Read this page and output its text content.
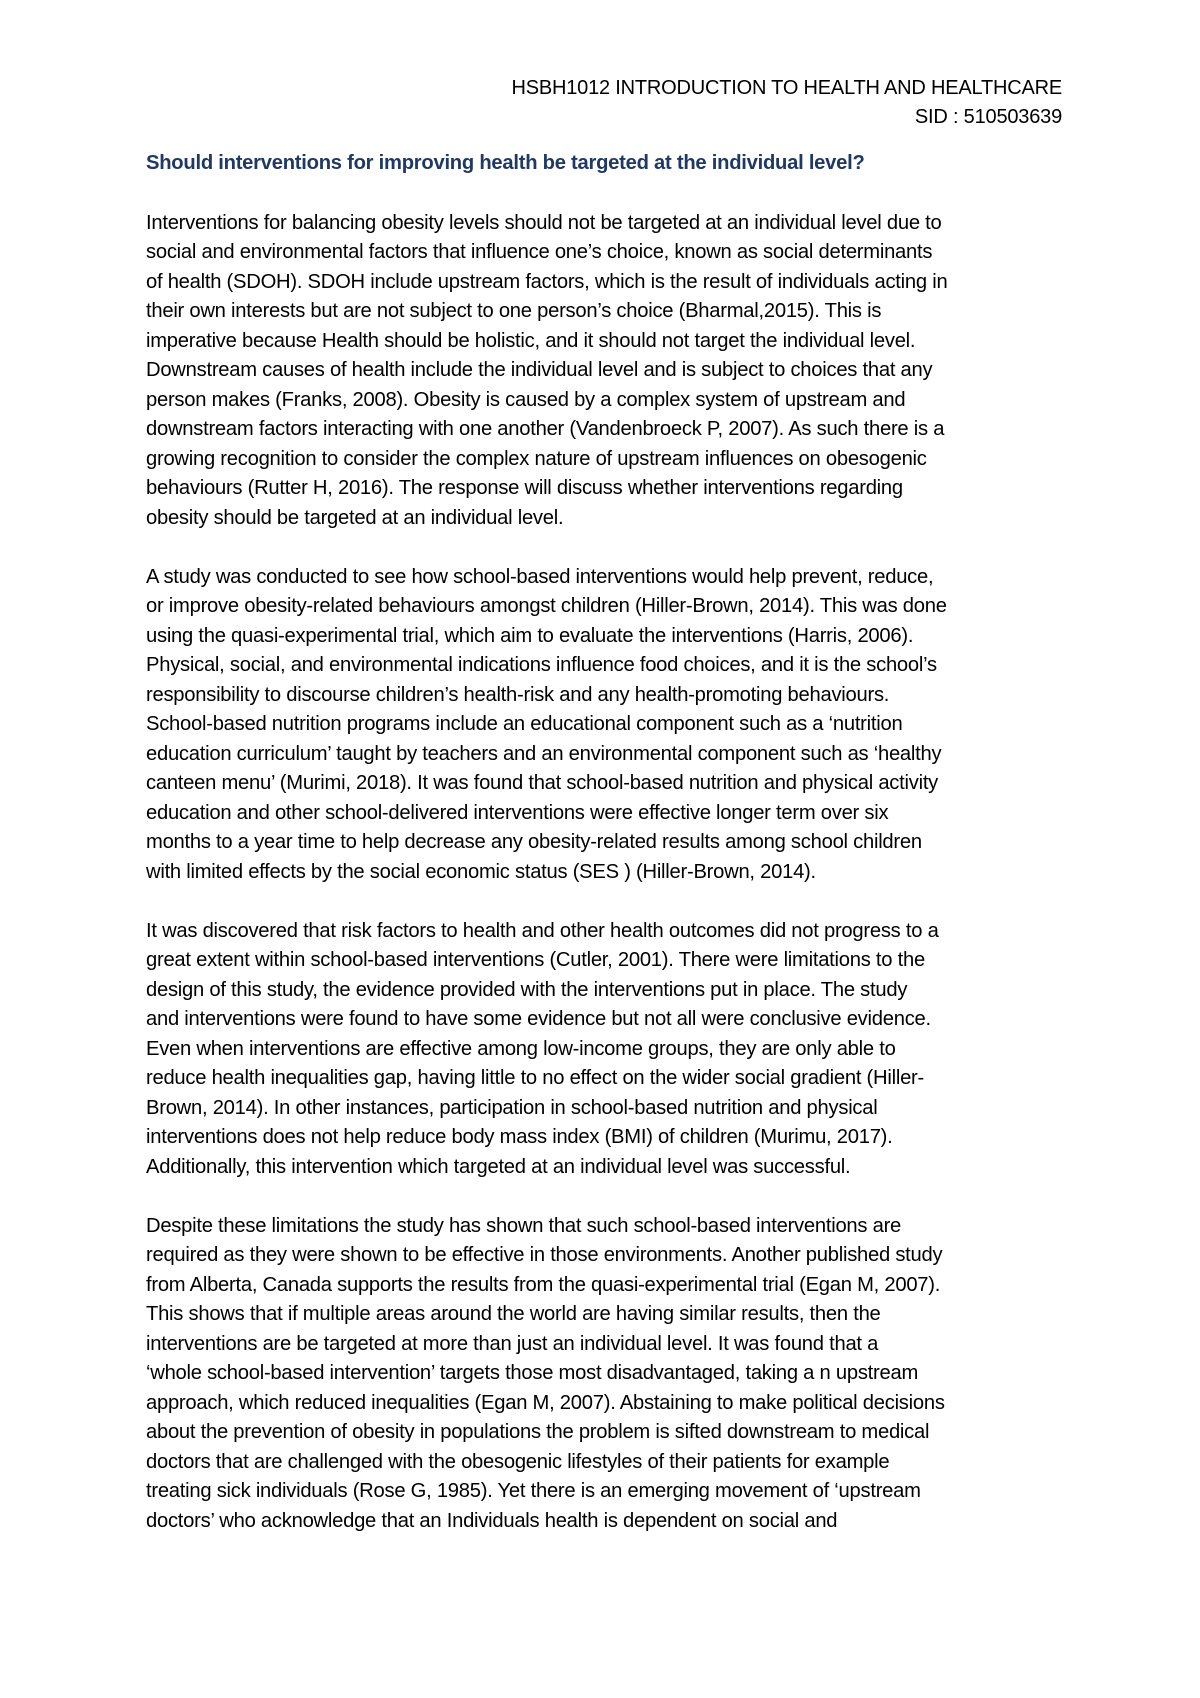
HSBH1012 INTRODUCTION TO HEALTH AND HEALTHCARE
SID : 510503639
Should interventions for improving health be targeted at the individual level?
Interventions for balancing obesity levels should not be targeted at an individual level due to
social and environmental factors that influence one’s choice, known as social determinants
of health (SDOH). SDOH include upstream factors, which is the result of individuals acting in
their own interests but are not subject to one person’s choice (Bharmal,2015). This is
imperative because Health should be holistic, and it should not target the individual level.
Downstream causes of health include the individual level and is subject to choices that any
person makes (Franks, 2008). Obesity is caused by a complex system of upstream and
downstream factors interacting with one another (Vandenbroeck P, 2007). As such there is a
growing recognition to consider the complex nature of upstream influences on obesogenic
behaviours (Rutter H, 2016). The response will discuss whether interventions regarding
obesity should be targeted at an individual level.
A study was conducted to see how school-based interventions would help prevent, reduce,
or improve obesity-related behaviours amongst children (Hiller-Brown, 2014). This was done
using the quasi-experimental trial, which aim to evaluate the interventions (Harris, 2006).
Physical, social, and environmental indications influence food choices, and it is the school’s
responsibility to discourse children’s health-risk and any health-promoting behaviours.
School-based nutrition programs include an educational component such as a ‘nutrition
education curriculum’ taught by teachers and an environmental component such as ‘healthy
canteen menu’ (Murimi, 2018). It was found that school-based nutrition and physical activity
education and other school-delivered interventions were effective longer term over six
months to a year time to help decrease any obesity-related results among school children
with limited effects by the social economic status (SES ) (Hiller-Brown, 2014).
It was discovered that risk factors to health and other health outcomes did not progress to a
great extent within school-based interventions (Cutler, 2001). There were limitations to the
design of this study, the evidence provided with the interventions put in place. The study
and interventions were found to have some evidence but not all were conclusive evidence.
Even when interventions are effective among low-income groups, they are only able to
reduce health inequalities gap, having little to no effect on the wider social gradient (Hiller-
Brown, 2014). In other instances, participation in school-based nutrition and physical
interventions does not help reduce body mass index (BMI) of children (Murimu, 2017).
Additionally, this intervention which targeted at an individual level was successful.
Despite these limitations the study has shown that such school-based interventions are
required as they were shown to be effective in those environments. Another published study
from Alberta, Canada supports the results from the quasi-experimental trial (Egan M, 2007).
This shows that if multiple areas around the world are having similar results, then the
interventions are be targeted at more than just an individual level. It was found that a
‘whole school-based intervention’ targets those most disadvantaged, taking a n upstream
approach, which reduced inequalities (Egan M, 2007). Abstaining to make political decisions
about the prevention of obesity in populations the problem is sifted downstream to medical
doctors that are challenged with the obesogenic lifestyles of their patients for example
treating sick individuals (Rose G, 1985). Yet there is an emerging movement of ‘upstream
doctors’ who acknowledge that an Individuals health is dependent on social and
